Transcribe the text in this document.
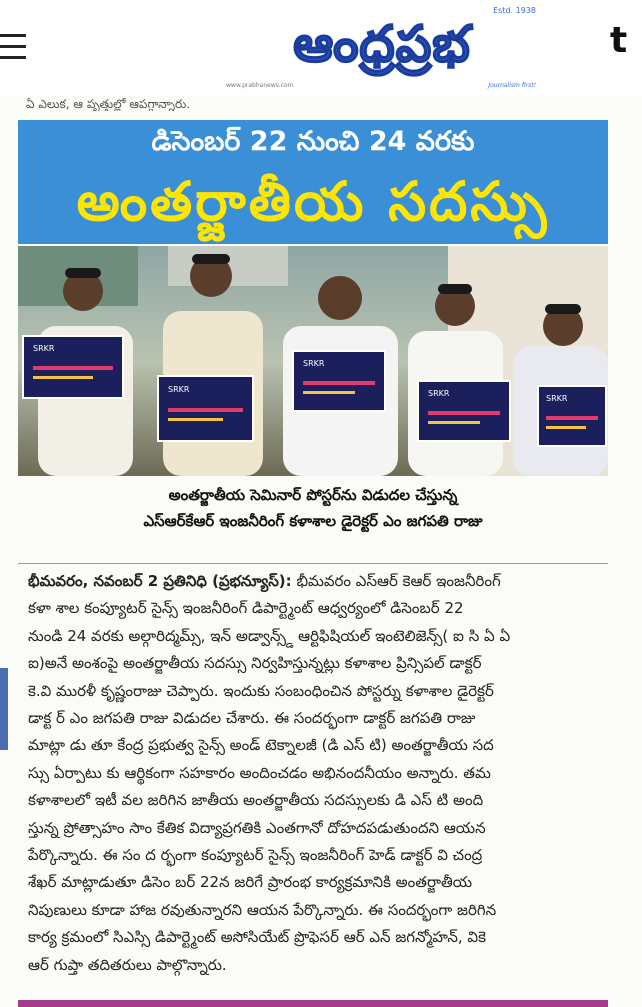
Estd. 1938
ఆంధ్రప్రభ
www.prabhanews.com	Journalism first!
t
ఏ ఎలుక, ఆ పృత్తుల్లో ఆపగ్గాన్నారు.
డిసెంబర్ 22 నుంచి 24 వరకు
అంతర్జాతీయ సదస్సు
SRKR
SRKR
SRKR
SRKR
SRKR
అంతర్జాతీయ సెమినార్ పోస్టర్‌ను విడుదల చేస్తున్న
ఎస్ఆర్‌కేఆర్ ఇంజనీరింగ్ కళాశాల డైరెక్టర్ ఎం జగపతి రాజు
భీమవరం, నవంబర్ 2 ప్రతినిధి (ప్రభన్యూస్): భీమవరం ఎస్ఆర్ కెఆర్ ఇంజనీరింగ్
కళా శాల కంప్యూటర్ సైన్స్ ఇంజనీరింగ్ డిపార్ట్మెంట్ ఆధ్వర్యంలో డిసెంబర్ 22
నుండి 24 వరకు అల్గారిద్మమ్స్, ఇన్ అడ్వాన్స్డ్ ఆర్టిఫిషియల్ ఇంటెలిజెన్స్( ఐ సి ఏ ఏ
ఐ)అనే అంశంపై అంతర్జాతీయ సదస్సు నిర్వహిస్తున్నట్లు కళాశాల ప్రిన్సిపల్ డాక్టర్
కె.వి మురళీ కృష్ణంరాజు చెప్పారు. ఇందుకు సంబంధించిన పోస్టర్ను కళాశాల డైరెక్టర్
డాక్ట ర్ ఎం జగపతి రాజు విడుదల చేశారు. ఈ సందర్భంగా డాక్టర్ జగపతి రాజు
మాట్లా డు తూ కేంద్ర ప్రభుత్వ సైన్స్ అండ్ టెక్నాలజీ (డి ఎస్ టి) అంతర్జాతీయ సద
స్సు ఏర్పాటు కు ఆర్థికంగా సహకారం అందించడం అభినందనీయం అన్నారు. తమ
కళాశాలలో ఇటీ వల జరిగిన జాతీయ అంతర్జాతీయ సదస్సులకు డి ఎస్ టి అంది
స్తున్న ప్రోత్సాహం సాం కేతిక విద్యాప్రగతికి ఎంతగానో దోహదపడుతుందని ఆయన
పేర్కొన్నారు. ఈ సం ద ర్భంగా కంప్యూటర్ సైన్స్ ఇంజనీరింగ్ హెడ్ డాక్టర్ వి చంద్ర
శేఖర్ మాట్లాడుతూ డిసెం బర్ 22న జరిగే ప్రారంభ కార్యక్రమానికి అంతర్జాతీయ
నిపుణులు కూడా హాజ రవుతున్నారని ఆయన పేర్కొన్నారు. ఈ సందర్భంగా జరిగిన
కార్య క్రమంలో సిఎస్సి డిపార్ట్మెంట్ అసోసియేట్ ప్రొఫెసర్ ఆర్ ఎన్ జగన్మోహన్, వికె
ఆర్ గుప్తా తదితరులు పాల్గొన్నారు.
